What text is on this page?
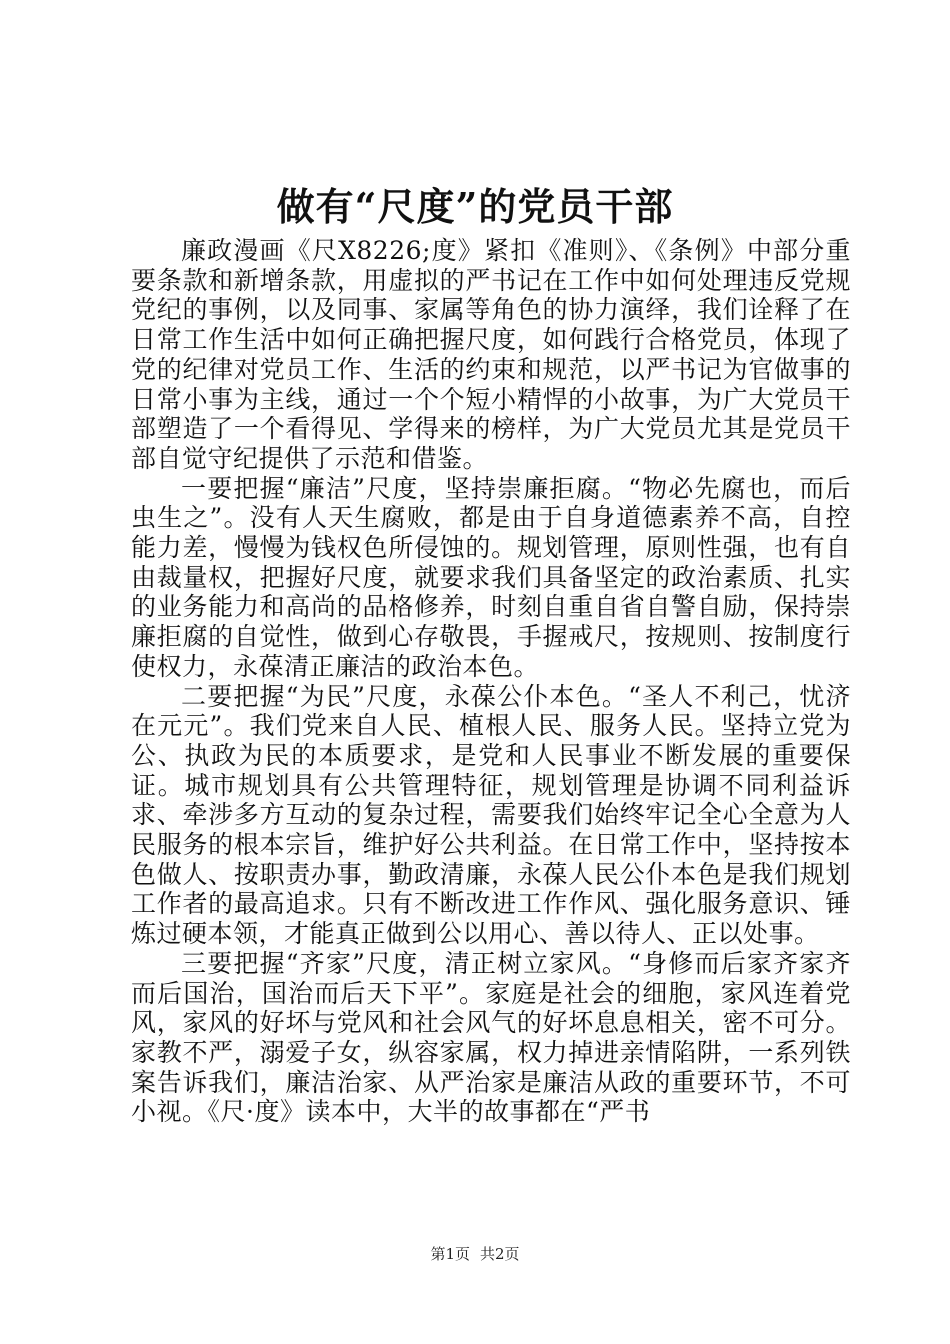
做有“尺度”的党员干部

廉政漫画《尺X8226;度》紧扣《准则》、《条例》中部分重要条款和新增条款，用虚拟的严书记在工作中如何处理违反党规党纪的事例，以及同事、家属等角色的协力演绎，我们诠释了在日常工作生活中如何正确把握尺度，如何践行合格党员，体现了党的纪律对党员工作、生活的约束和规范，以严书记为官做事的日常小事为主线，通过一个个短小精悍的小故事，为广大党员干部塑造了一个看得见、学得来的榜样，为广大党员尤其是党员干部自觉守纪提供了示范和借鉴。

一要把握“廉洁”尺度，坚持崇廉拒腐。“物必先腐也，而后虫生之”。没有人天生腐败，都是由于自身道德素养不高，自控能力差，慢慢为钱权色所侵蚀的。规划管理，原则性强，也有自由裁量权，把握好尺度，就要求我们具备坚定的政治素质、扎实的业务能力和高尚的品格修养，时刻自重自省自警自励，保持崇廉拒腐的自觉性，做到心存敬畏，手握戒尺，按规则、按制度行使权力，永葆清正廉洁的政治本色。

二要把握“为民”尺度，永葆公仆本色。“圣人不利己，忧济在元元”。我们党来自人民、植根人民、服务人民。坚持立党为公、执政为民的本质要求，是党和人民事业不断发展的重要保证。城市规划具有公共管理特征，规划管理是协调不同利益诉求、牵涉多方互动的复杂过程，需要我们始终牢记全心全意为人民服务的根本宗旨，维护好公共利益。在日常工作中，坚持按本色做人、按职责办事，勤政清廉，永葆人民公仆本色是我们规划工作者的最高追求。只有不断改进工作作风、强化服务意识、锤炼过硬本领，才能真正做到公以用心、善以待人、正以处事。

三要把握“齐家”尺度，清正树立家风。“身修而后家齐家齐而后国治，国治而后天下平”。家庭是社会的细胞，家风连着党风，家风的好坏与党风和社会风气的好坏息息相关，密不可分。家教不严，溺爱子女，纵容家属，权力掉进亲情陷阱，一系列铁案告诉我们，廉洁治家、从严治家是廉洁从政的重要环节，不可小视。《尺·度》读本中，大半的故事都在“严书

第1页 共2页
